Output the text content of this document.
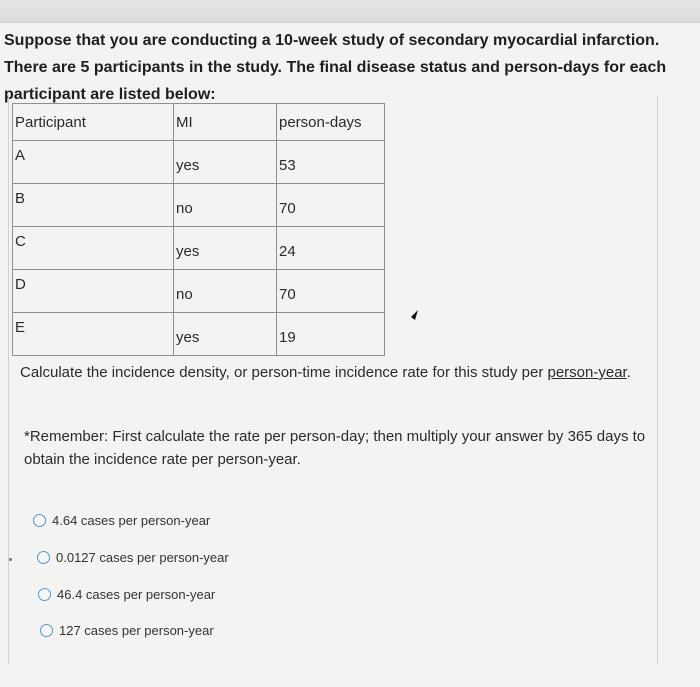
Suppose that you are conducting a 10-week study of secondary myocardial infarction. There are 5 participants in the study. The final disease status and person-days for each participant are listed below:

Participant	MI	person-days
A	yes	53
B	no	70
C	yes	24
D	no	70
E	yes	19

Calculate the incidence density, or person-time incidence rate for this study per person-year.

*Remember: First calculate the rate per person-day; then multiply your answer by 365 days to obtain the incidence rate per person-year.

4.64 cases per person-year
0.0127 cases per person-year
46.4 cases per person-year
127 cases per person-year
